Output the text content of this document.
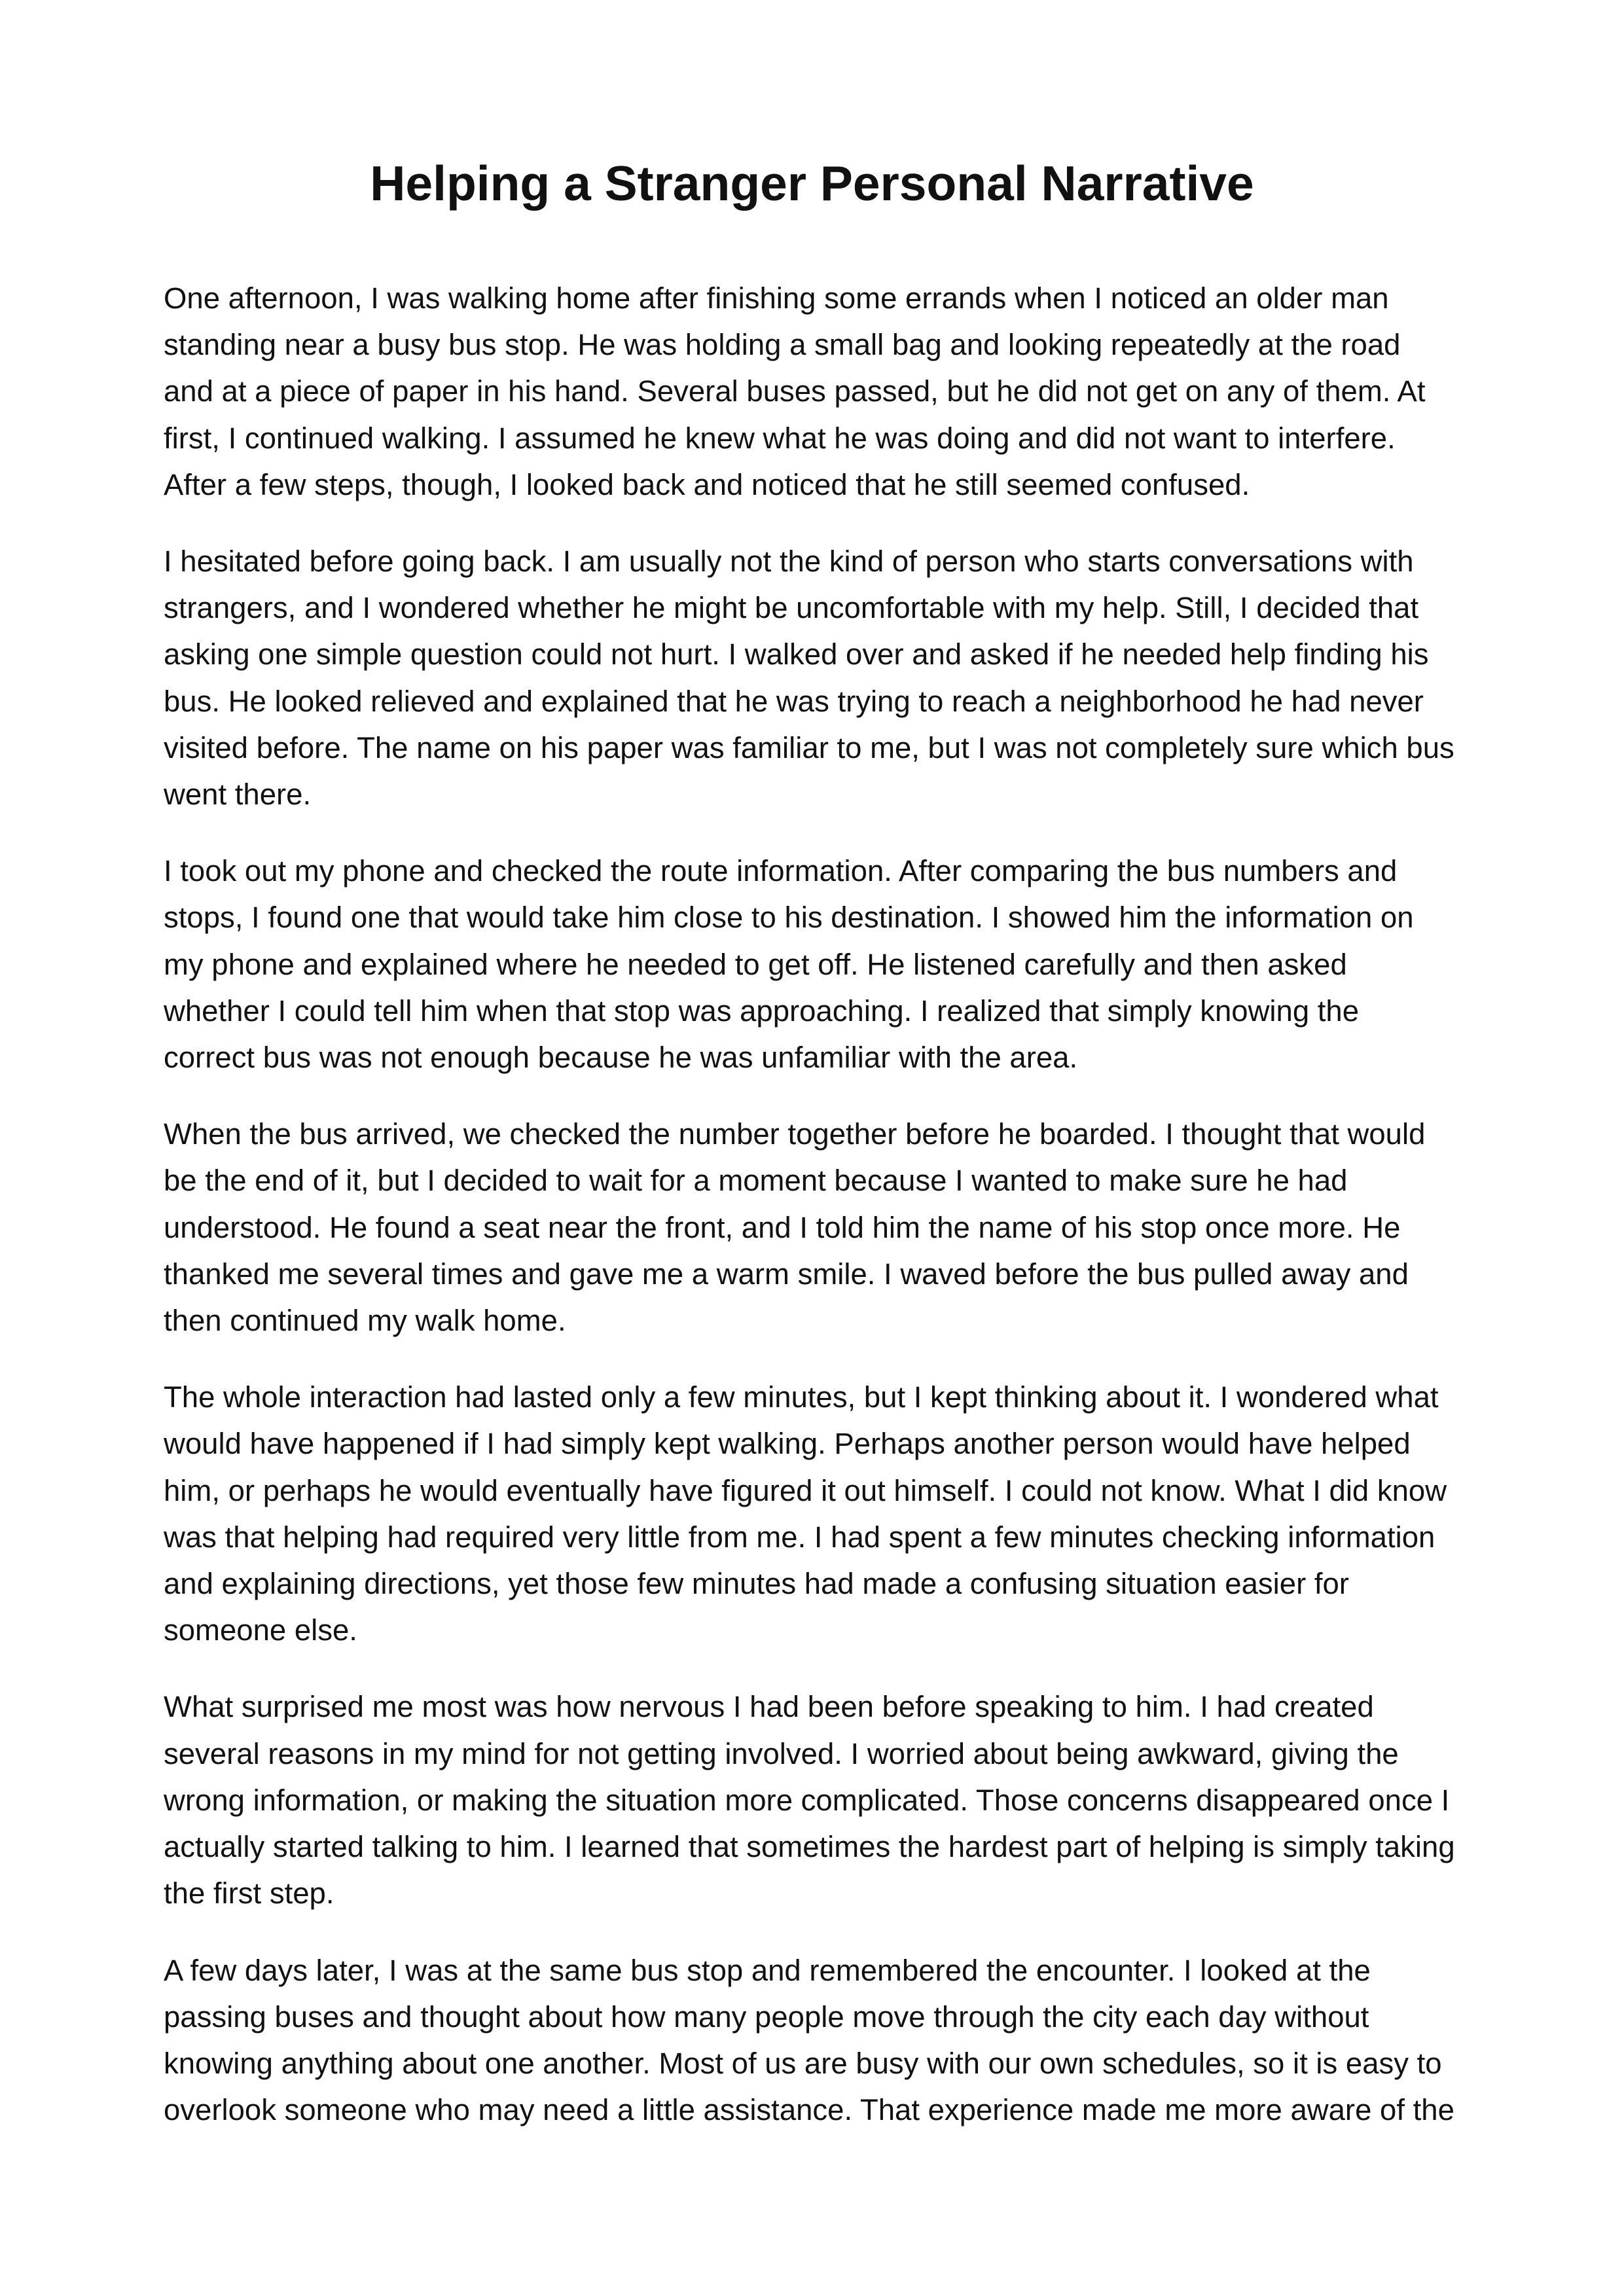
Helping a Stranger Personal Narrative

One afternoon, I was walking home after finishing some errands when I noticed an older man
standing near a busy bus stop. He was holding a small bag and looking repeatedly at the road
and at a piece of paper in his hand. Several buses passed, but he did not get on any of them. At
first, I continued walking. I assumed he knew what he was doing and did not want to interfere.
After a few steps, though, I looked back and noticed that he still seemed confused.

I hesitated before going back. I am usually not the kind of person who starts conversations with
strangers, and I wondered whether he might be uncomfortable with my help. Still, I decided that
asking one simple question could not hurt. I walked over and asked if he needed help finding his
bus. He looked relieved and explained that he was trying to reach a neighborhood he had never
visited before. The name on his paper was familiar to me, but I was not completely sure which bus
went there.

I took out my phone and checked the route information. After comparing the bus numbers and
stops, I found one that would take him close to his destination. I showed him the information on
my phone and explained where he needed to get off. He listened carefully and then asked
whether I could tell him when that stop was approaching. I realized that simply knowing the
correct bus was not enough because he was unfamiliar with the area.

When the bus arrived, we checked the number together before he boarded. I thought that would
be the end of it, but I decided to wait for a moment because I wanted to make sure he had
understood. He found a seat near the front, and I told him the name of his stop once more. He
thanked me several times and gave me a warm smile. I waved before the bus pulled away and
then continued my walk home.

The whole interaction had lasted only a few minutes, but I kept thinking about it. I wondered what
would have happened if I had simply kept walking. Perhaps another person would have helped
him, or perhaps he would eventually have figured it out himself. I could not know. What I did know
was that helping had required very little from me. I had spent a few minutes checking information
and explaining directions, yet those few minutes had made a confusing situation easier for
someone else.

What surprised me most was how nervous I had been before speaking to him. I had created
several reasons in my mind for not getting involved. I worried about being awkward, giving the
wrong information, or making the situation more complicated. Those concerns disappeared once I
actually started talking to him. I learned that sometimes the hardest part of helping is simply taking
the first step.

A few days later, I was at the same bus stop and remembered the encounter. I looked at the
passing buses and thought about how many people move through the city each day without
knowing anything about one another. Most of us are busy with our own schedules, so it is easy to
overlook someone who may need a little assistance. That experience made me more aware of the
